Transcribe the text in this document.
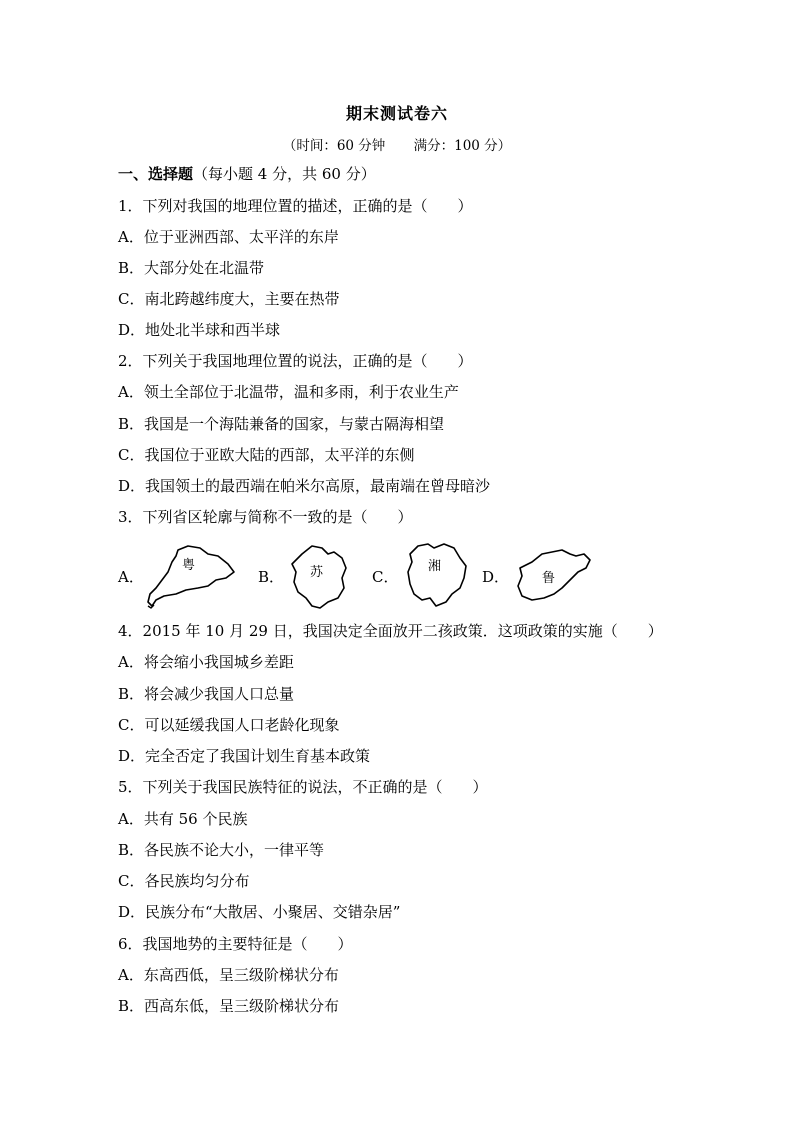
期末测试卷六
（时间：60 分钟 满分：100 分）
一、选择题（每小题 4 分，共 60 分）
1．下列对我国的地理位置的描述，正确的是（　　）
A．位于亚洲西部、太平洋的东岸
B．大部分处在北温带
C．南北跨越纬度大，主要在热带
D．地处北半球和西半球
2．下列关于我国地理位置的说法，正确的是（　　）
A．领土全部位于北温带，温和多雨，利于农业生产
B．我国是一个海陆兼备的国家，与蒙古隔海相望
C．我国位于亚欧大陆的西部，太平洋的东侧
D．我国领土的最西端在帕米尔高原，最南端在曾母暗沙
3．下列省区轮廓与简称不一致的是（　　）
A．
粤
B． 苏	C．
湘
D．	鲁
4．2015 年 10 月 29 日，我国决定全面放开二孩政策．这项政策的实施（　　）
A．将会缩小我国城乡差距
B．将会减少我国人口总量
C．可以延缓我国人口老龄化现象
D．完全否定了我国计划生育基本政策
5．下列关于我国民族特征的说法，不正确的是（　　）
A．共有 56 个民族
B．各民族不论大小，一律平等
C．各民族均匀分布
D．民族分布“大散居、小聚居、交错杂居”
6．我国地势的主要特征是（　　）
A．东高西低，呈三级阶梯状分布
B．西高东低，呈三级阶梯状分布
